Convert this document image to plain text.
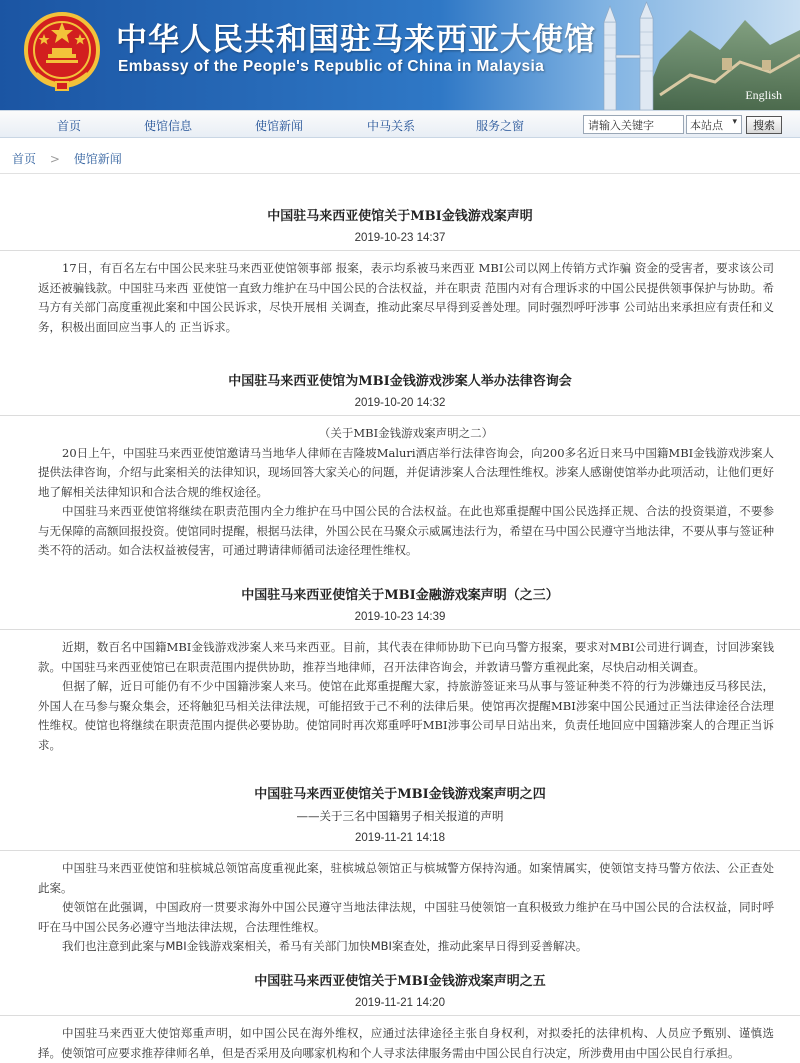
中华人民共和国驻马来西亚大使馆
Embassy of the People's Republic of China in Malaysia
English
首页	使馆信息	使馆新闻	中马关系	服务之窗
请输入关键字	本站点 ▾	搜索
首页 > 使馆新闻
中国驻马来西亚使馆关于MBI金钱游戏案声明
2019-10-23 14:37

17日，有百名左右中国公民来驻马来西亚使馆领事部 报案，表示均系被马来西亚 MBI公司以网上传销方式诈骗 资金的受害者，要求该公司返还被骗钱款。中国驻马来西 亚使馆一直致力维护在马中国公民的合法权益，并在职责 范围内对有合理诉求的中国公民提供领事保护与协助。希 马方有关部门高度重视此案和中国公民诉求，尽快开展相 关调查，推动此案尽早得到妥善处理。同时强烈呼吁涉事 公司站出来承担应有责任和义务，积极出面回应当事人的 正当诉求。

中国驻马来西亚使馆为MBI金钱游戏涉案人举办法律咨询会
2019-10-20 14:32

（关于MBI金钱游戏案声明之二）

20日上午，中国驻马来西亚使馆邀请马当地华人律师在吉隆坡Maluri酒店举行法律咨询会，向200多名近日来马中国籍MBI金钱游戏涉案人提供法律咨询，介绍与此案相关的法律知识，现场回答大家关心的问题，并促请涉案人合法理性维权。涉案人感谢使馆举办此项活动，让他们更好地了解相关法律知识和合法合规的维权途径。

中国驻马来西亚使馆将继续在职责范围内全力维护在马中国公民的合法权益。在此也郑重提醒中国公民选择正规、合法的投资渠道，不要参与无保障的高额回报投资。使馆同时提醒，根据马法律，外国公民在马聚众示威属违法行为，希望在马中国公民遵守当地法律，不要从事与签证种类不符的活动。如合法权益被侵害，可通过聘请律师循司法途径理性维权。

中国驻马来西亚使馆关于MBI金融游戏案声明（之三）
2019-10-23 14:39

近期，数百名中国籍MBI金钱游戏涉案人来马来西亚。目前，其代表在律师协助下已向马警方报案，要求对MBI公司进行调查，讨回涉案钱款。中国驻马来西亚使馆已在职责范围内提供协助，推荐当地律师，召开法律咨询会，并敦请马警方重视此案，尽快启动相关调查。

但据了解，近日可能仍有不少中国籍涉案人来马。使馆在此郑重提醒大家，持旅游签证来马从事与签证种类不符的行为涉嫌违反马移民法，外国人在马参与聚众集会，还将触犯马相关法律法规，可能招致于己不利的法律后果。使馆再次提醒MBI涉案中国公民通过正当法律途径合法理性维权。使馆也将继续在职责范围内提供必要协助。使馆同时再次郑重呼吁MBI涉事公司早日站出来，负责任地回应中国籍涉案人的合理正当诉求。

中国驻马来西亚使馆关于MBI金钱游戏案声明之四
——关于三名中国籍男子相关报道的声明
2019-11-21 14:18

中国驻马来西亚使馆和驻槟城总领馆高度重视此案，驻槟城总领馆正与槟城警方保持沟通。如案情属实，使领馆支持马警方依法、公正查处此案。

使领馆在此强调，中国政府一贯要求海外中国公民遵守当地法律法规，中国驻马使领馆一直积极致力维护在马中国公民的合法权益，同时呼吁在马中国公民务必遵守当地法律法规，合法理性维权。

我们也注意到此案与MBI金钱游戏案相关，希马有关部门加快MBI案查处，推动此案早日得到妥善解决。

中国驻马来西亚使馆关于MBI金钱游戏案声明之五
2019-11-21 14:20

中国驻马来西亚大使馆郑重声明，如中国公民在海外维权，应通过法律途径主张自身权利，对拟委托的法律机构、人员应予甄别、谨慎选择。使领馆可应要求推荐律师名单，但是否采用及向哪家机构和个人寻求法律服务需由中国公民自行决定，所涉费用由中国公民自行承担。
